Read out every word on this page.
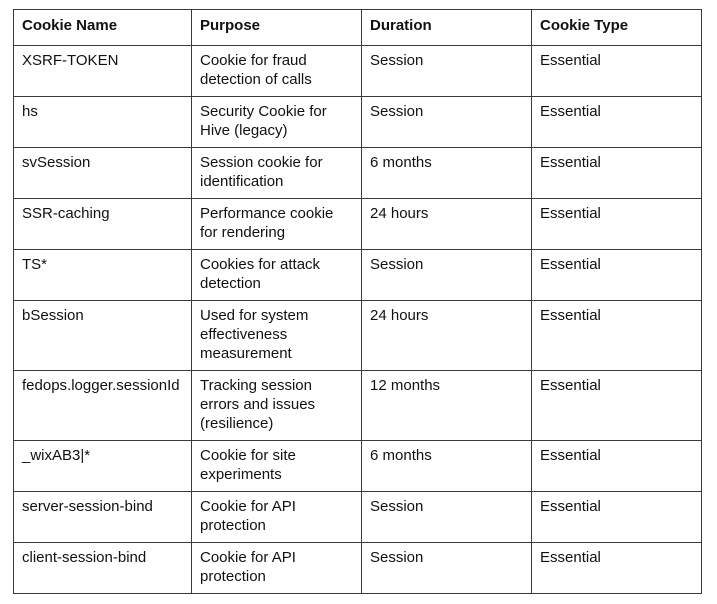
Cookie Name	Purpose	Duration	Cookie Type
XSRF-TOKEN	Cookie for fraud detection of calls	Session	Essential
hs	Security Cookie for Hive (legacy)	Session	Essential
svSession	Session cookie for identification	6 months	Essential
SSR-caching	Performance cookie for rendering	24 hours	Essential
TS*	Cookies for attack detection	Session	Essential
bSession	Used for system effectiveness measurement	24 hours	Essential
fedops.logger.sessionId	Tracking session errors and issues (resilience)	12 months	Essential
_wixAB3|*	Cookie for site experiments	6 months	Essential
server-session-bind	Cookie for API protection	Session	Essential
client-session-bind	Cookie for API protection	Session	Essential
